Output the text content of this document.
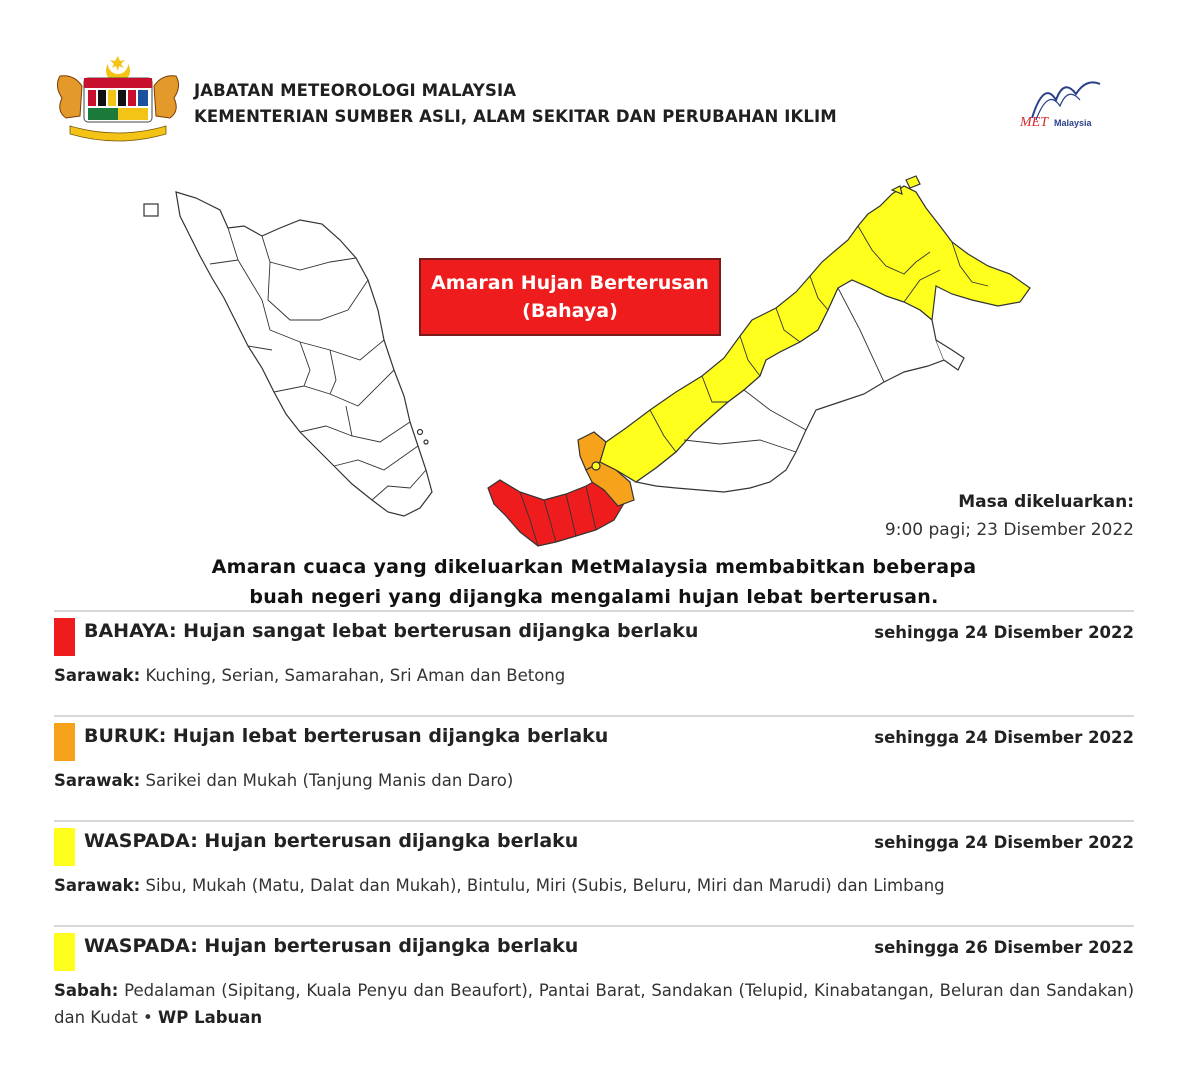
JABATAN METEOROLOGI MALAYSIA
KEMENTERIAN SUMBER ASLI, ALAM SEKITAR DAN PERUBAHAN IKLIM	MET Malaysia
Amaran Hujan Berterusan
(Bahaya)
Masa dikeluarkan:
9:00 pagi; 23 Disember 2022
Amaran cuaca yang dikeluarkan MetMalaysia membabitkan beberapa
buah negeri yang dijangka mengalami hujan lebat berterusan.
BAHAYA: Hujan sangat lebat berterusan dijangka berlaku	sehingga 24 Disember 2022
Sarawak: Kuching, Serian, Samarahan, Sri Aman dan Betong
BURUK: Hujan lebat berterusan dijangka berlaku	sehingga 24 Disember 2022
Sarawak: Sarikei dan Mukah (Tanjung Manis dan Daro)
WASPADA: Hujan berterusan dijangka berlaku	sehingga 24 Disember 2022
Sarawak: Sibu, Mukah (Matu, Dalat dan Mukah), Bintulu, Miri (Subis, Beluru, Miri dan Marudi) dan Limbang
WASPADA: Hujan berterusan dijangka berlaku	sehingga 26 Disember 2022
Sabah: Pedalaman (Sipitang, Kuala Penyu dan Beaufort), Pantai Barat, Sandakan (Telupid, Kinabatangan, Beluran dan Sandakan) dan Kudat • WP Labuan
